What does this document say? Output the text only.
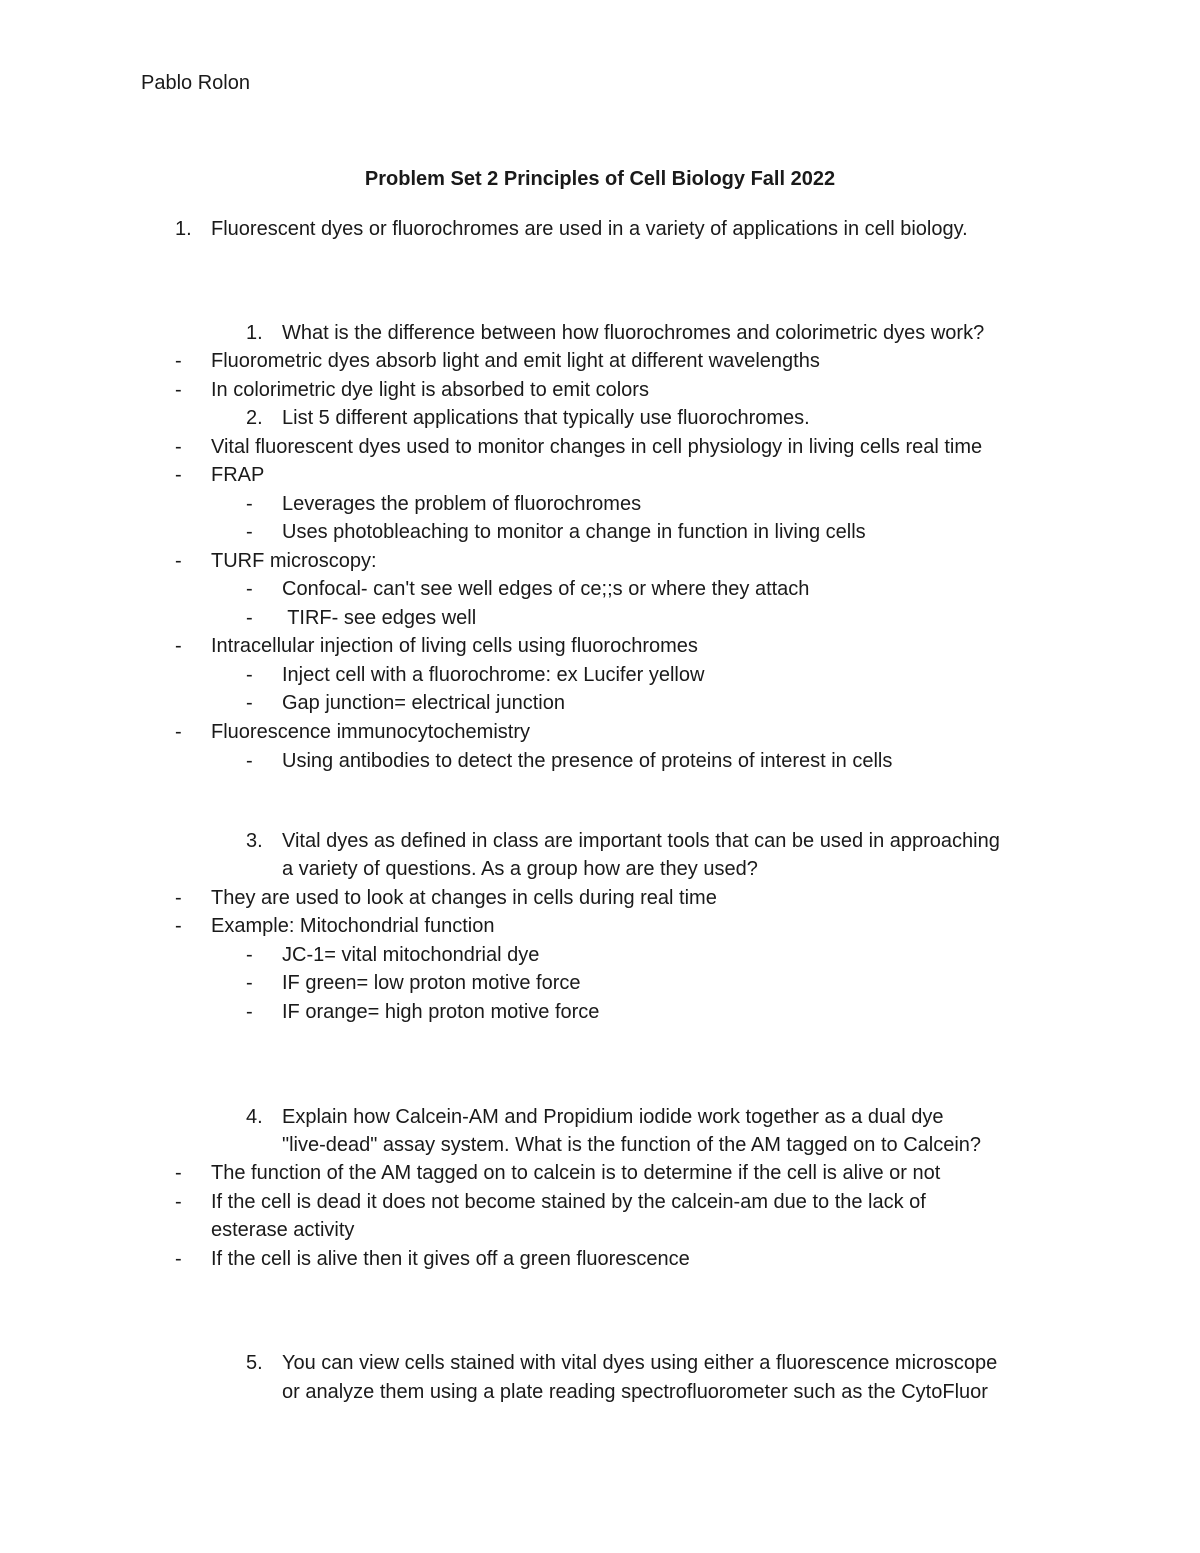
Pablo Rolon
Problem Set 2 Principles of Cell Biology Fall 2022
1. Fluorescent dyes or fluorochromes are used in a variety of applications in cell biology.
1. What is the difference between how fluorochromes and colorimetric dyes work?
- Fluorometric dyes absorb light and emit light at different wavelengths
- In colorimetric dye light is absorbed to emit colors
2. List 5 different applications that typically use fluorochromes.
- Vital fluorescent dyes used to monitor changes in cell physiology in living cells real time
- FRAP
- Leverages the problem of fluorochromes
- Uses photobleaching to monitor a change in function in living cells
- TURF microscopy:
- Confocal- can't see well edges of ce;;s or where they attach
- TIRF- see edges well
- Intracellular injection of living cells using fluorochromes
- Inject cell with a fluorochrome: ex Lucifer yellow
- Gap junction= electrical junction
- Fluorescence immunocytochemistry
- Using antibodies to detect the presence of proteins of interest in cells
3. Vital dyes as defined in class are important tools that can be used in approaching
a variety of questions. As a group how are they used?
- They are used to look at changes in cells during real time
- Example: Mitochondrial function
- JC-1= vital mitochondrial dye
- IF green= low proton motive force
- IF orange= high proton motive force
4. Explain how Calcein-AM and Propidium iodide work together as a dual dye
"live-dead" assay system. What is the function of the AM tagged on to Calcein?
- The function of the AM tagged on to calcein is to determine if the cell is alive or not
- If the cell is dead it does not become stained by the calcein-am due to the lack of
esterase activity
- If the cell is alive then it gives off a green fluorescence
5. You can view cells stained with vital dyes using either a fluorescence microscope
or analyze them using a plate reading spectrofluorometer such as the CytoFluor
